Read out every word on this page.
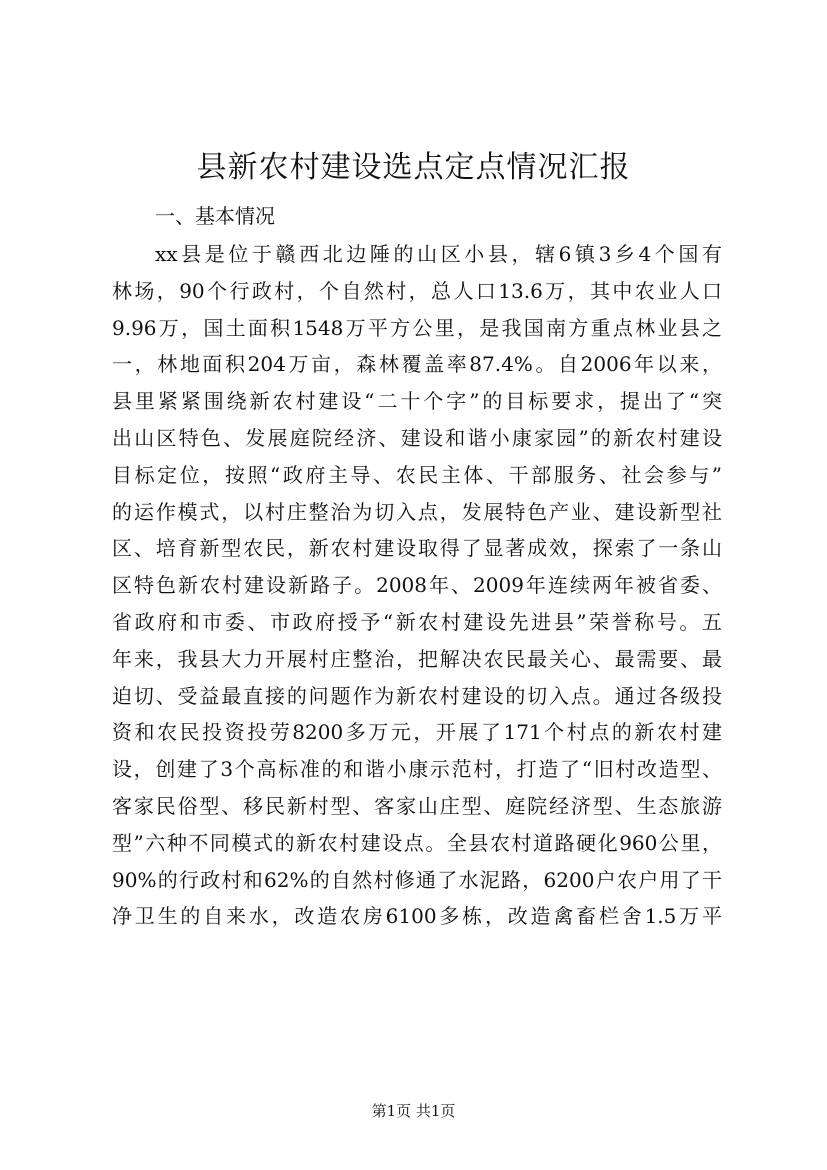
县新农村建设选点定点情况汇报
一、基本情况
xx县是位于赣西北边陲的山区小县，辖6镇3乡4个国有
林场，90个行政村，个自然村，总人口13.6万，其中农业人口
9.96万，国土面积1548万平方公里，是我国南方重点林业县之
一，林地面积204万亩，森林覆盖率87.4%。自2006年以来，
县里紧紧围绕新农村建设“二十个字”的目标要求，提出了“突
出山区特色、发展庭院经济、建设和谐小康家园”的新农村建设
目标定位，按照“政府主导、农民主体、干部服务、社会参与”
的运作模式，以村庄整治为切入点，发展特色产业、建设新型社
区、培育新型农民，新农村建设取得了显著成效，探索了一条山
区特色新农村建设新路子。2008年、2009年连续两年被省委、
省政府和市委、市政府授予“新农村建设先进县”荣誉称号。五
年来，我县大力开展村庄整治，把解决农民最关心、最需要、最
迫切、受益最直接的问题作为新农村建设的切入点。通过各级投
资和农民投资投劳8200多万元，开展了171个村点的新农村建
设，创建了3个高标准的和谐小康示范村，打造了“旧村改造型、
客家民俗型、移民新村型、客家山庄型、庭院经济型、生态旅游
型”六种不同模式的新农村建设点。全县农村道路硬化960公里，
90%的行政村和62%的自然村修通了水泥路，6200户农户用了干
净卫生的自来水，改造农房6100多栋，改造禽畜栏舍1.5万平
第1页 共1页
